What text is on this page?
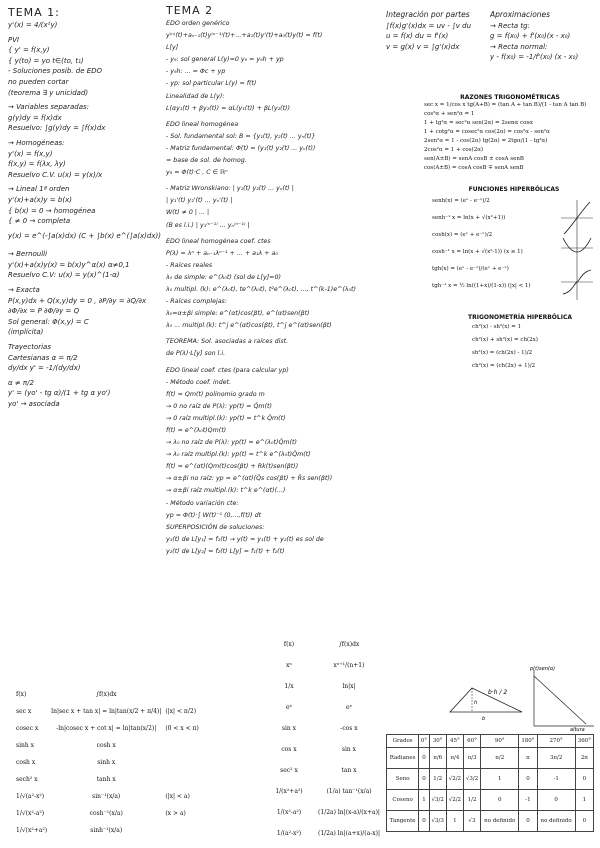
TEMA 1:
y'(x) = 4/(x²y)
PVI
{ y' = f(x,y)
{ y(to) = yo t∈(to, t₁)
- Soluciones posib. de EDO
no pueden cortar
(teorema ∃ y unicidad)
→ Variables separadas:
g(y)dy = f(x)dx
Resuelvo: ∫g(y)dy = ∫f(x)dx
→ Homogéneas:
y'(x) = f(x,y)
f(x,y) = f(λx, λy)
Resuelvo C.V. u(x) = y(x)/x
→ Lineal 1ª orden
y'(x)+a(x)y = b(x)
{ b(x) = 0 → homogénea
{ ≠ 0 → completa
y(x) = e^(-∫a(x)dx) (C + ∫b(x) e^(∫a(x)dx))
→ Bernoulli
y'(x)+a(x)y(x) = b(x)y^α(x) α≠0,1
Resuelvo C.V: u(x) = y(x)^(1-α)
→ Exacta
P(x,y)dx + Q(x,y)dy = 0 , ∂P/∂y = ∂Q/∂x
∂Φ/∂x = P ∂Φ/∂y = Q
Sol general: Φ(x,y) = C
(implícita)
Trayectorias
Cartesianas α = π/2
dy/dx y' = -1/(dy/dx)
α ≠ π/2
y' = (yo' - tg α)/(1 + tg α yo')
yo' → asociada
TEMA 2
EDO orden genérico
y⁽ⁿ⁾(t)+aₙ₋₁(t)y⁽ⁿ⁻¹⁾(t)+...+a₁(t)y'(t)+a₀(t)y(t) = f(t)
L[y]
- y₉: sol general L(y)=0 y₉ = y₉h + yp
- y₉h: ... = Φc + yp
- yp: sol particular L(y) = f(t)
Linealidad de L(y):
L(αy₁(t) + βy₂(t)) = αL(y₁(t)) + βL(y₂(t))
EDO lineal homogénea
- Sol. fundamental sol: B = {y₁(t), y₂(t) ... yₙ(t)}
- Matriz fundamental: Φ(t) = (y₁(t) y₂(t) ... yₙ(t))
= base de sol. de homog.
y₉ = Φ(t)·C , C ∈ ℝⁿ
- Matriz Wronskiano: | y₁(t) y₂(t) ... yₙ(t) |
| y₁'(t) y₂'(t) ... yₙ'(t) |
W(t) ≠ 0 | ... |
(B es l.i.) | y₁⁽ⁿ⁻¹⁾ ... yₙ⁽ⁿ⁻¹⁾ |
EDO lineal homogénea coef. ctes
P(λ) = λⁿ + aₙ₋₁λⁿ⁻¹ + ... + a₁λ + a₀
- Raíces reales
λ₀ de simple: e^(λ₀t) (sol de L[y]=0)
λ₀ multipl. (k): e^(λ₀t), te^(λ₀t), t²e^(λ₀t), ..., t^(k-1)e^(λ₀t)
- Raíces complejas:
λ₀=α±βi simple: e^(αt)cos(βt), e^(αt)sen(βt)
λ₀ ... multipl.(k): t^j e^(αt)cos(βt), t^j e^(αt)sen(βt)
TEOREMA: Sol. asociadas a raíces dist.
de P(λ)·L[y] son l.i.
EDO lineal coef. ctes (para calcular yp)
- Método coef. indet.
f(t) = Qm(t) polinomio grado m
→ 0 no raíz de P(λ): yp(t) = Q̃m(t)
→ 0 raíz multipl.(k): yp(t) = t^k Q̃m(t)
f(t) = e^(λ₀t)Qm(t)
→ λ₀ no raíz de P(λ): yp(t) = e^(λ₀t)Q̃m(t)
→ λ₀ raíz multipl.(k): yp(t) = t^k e^(λ₀t)Q̃m(t)
f(t) = e^(αt)(Qm(t)cos(βt) + Rk(t)sen(βt))
→ α±βi no raíz: yp = e^(αt)(Q̃s cos(βt) + R̃s sen(βt))
→ α±βi raíz multipl.(k): t^k e^(αt)(...)
- Método variación cte:
yp = Φ(t)·∫ W(t)⁻¹ (0,...,f(t)) dt
SUPERPOSICIÓN de soluciones:
y₁(t) de L[y₁] = f₁(t) → y(t) = y₁(t) + y₂(t) es sol de
y₂(t) de L[y₂] = f₂(t) L[y] = f₁(t) + f₂(t)
Integración por partes
∫f(x)g'(x)dx = uv - ∫v du
u = f(x) du = f'(x)
v = g(x) v = ∫g'(x)dx
Aproximaciones
→ Recta tg:
g = f(x₀) + f'(x₀)(x - x₀)
→ Recta normal:
y - f(x₀) = -1/f'(x₀) (x - x₀)
RAZONES TRIGONOMÉTRICAS
sec x = 1/cos x tg(A+B) = (tan A + tan B)/(1 - tan A tan B)
cos²α + sen²α = 1
1 + tg²α = sec²α sen(2α) = 2senα cosα
1 + cotg²α = cosec²α cos(2α) = cos²α - sen²α
2sen²α = 1 - cos(2α) tg(2α) = 2tgα/(1 - tg²α)
2cos²α = 1 + cos(2α)
sen(A±B) = senA cosB ± cosA senB
cos(A±B) = cosA cosB ∓ senA senB
FUNCIONES HIPERBÓLICAS
senh(x) = (eˣ - e⁻ˣ)/2
senh⁻¹ x = ln(x + √(x²+1))
cosh(x) = (eˣ + e⁻ˣ)/2
cosh⁻¹ x = ln(x + √(x²-1)) (x ≥ 1)
tgh(x) = (eˣ - e⁻ˣ)/(eˣ + e⁻ˣ)
tgh⁻¹ x = ½ ln((1+x)/(1-x)) (|x| < 1)
TRIGONOMETRÍA HIPERBÓLICA
ch²(x) - sh²(x) = 1
ch²(x) + sh²(x) = ch(2x)
sh²(x) = (ch(2x) - 1)/2
ch²(x) = (ch(2x) + 1)/2
f(x)	∫f(x)dx	
sec x	ln|sec x + tan x| = ln|tan(x/2 + π/4)|	(|x| < π/2)
cosec x	-ln|cosec x + cot x| = ln|tan(x/2)|	(0 < x < π)
sinh x	cosh x	
cosh x	sinh x	
sech² x	tanh x	
1/√(a²-x²)	sin⁻¹(x/a)	(|x| < a)
1/√(x²-a²)	cosh⁻¹(x/a)	(x > a)
1/√(x²+a²)	sinh⁻¹(x/a)	
f(x)	∫f(x)dx
xⁿ	xⁿ⁺¹/(n+1)
1/x	ln|x|
eˣ	eˣ
sin x	-cos x
cos x	sin x
sec² x	tan x
1/(x²+a²)	(1/a) tan⁻¹(x/a)
1/(x²-a²)	(1/2a) ln|(x-a)/(x+a)|
1/(a²-x²)	(1/2a) ln|(a+x)/(a-x)|
b·h / 2
h
b
p(t)sen(α)
altura
Grados	0°	30°	45°	60°	90°	180°	270°	360°
Radianes	0	π/6	π/4	π/3	π/2	π	3π/2	2π
Seno	0	1/2	√2/2	√3/2	1	0	-1	0
Coseno	1	√3/2	√2/2	1/2	0	-1	0	1
Tangente	0	√3/3	1	√3	no definido	0	no definido	0
